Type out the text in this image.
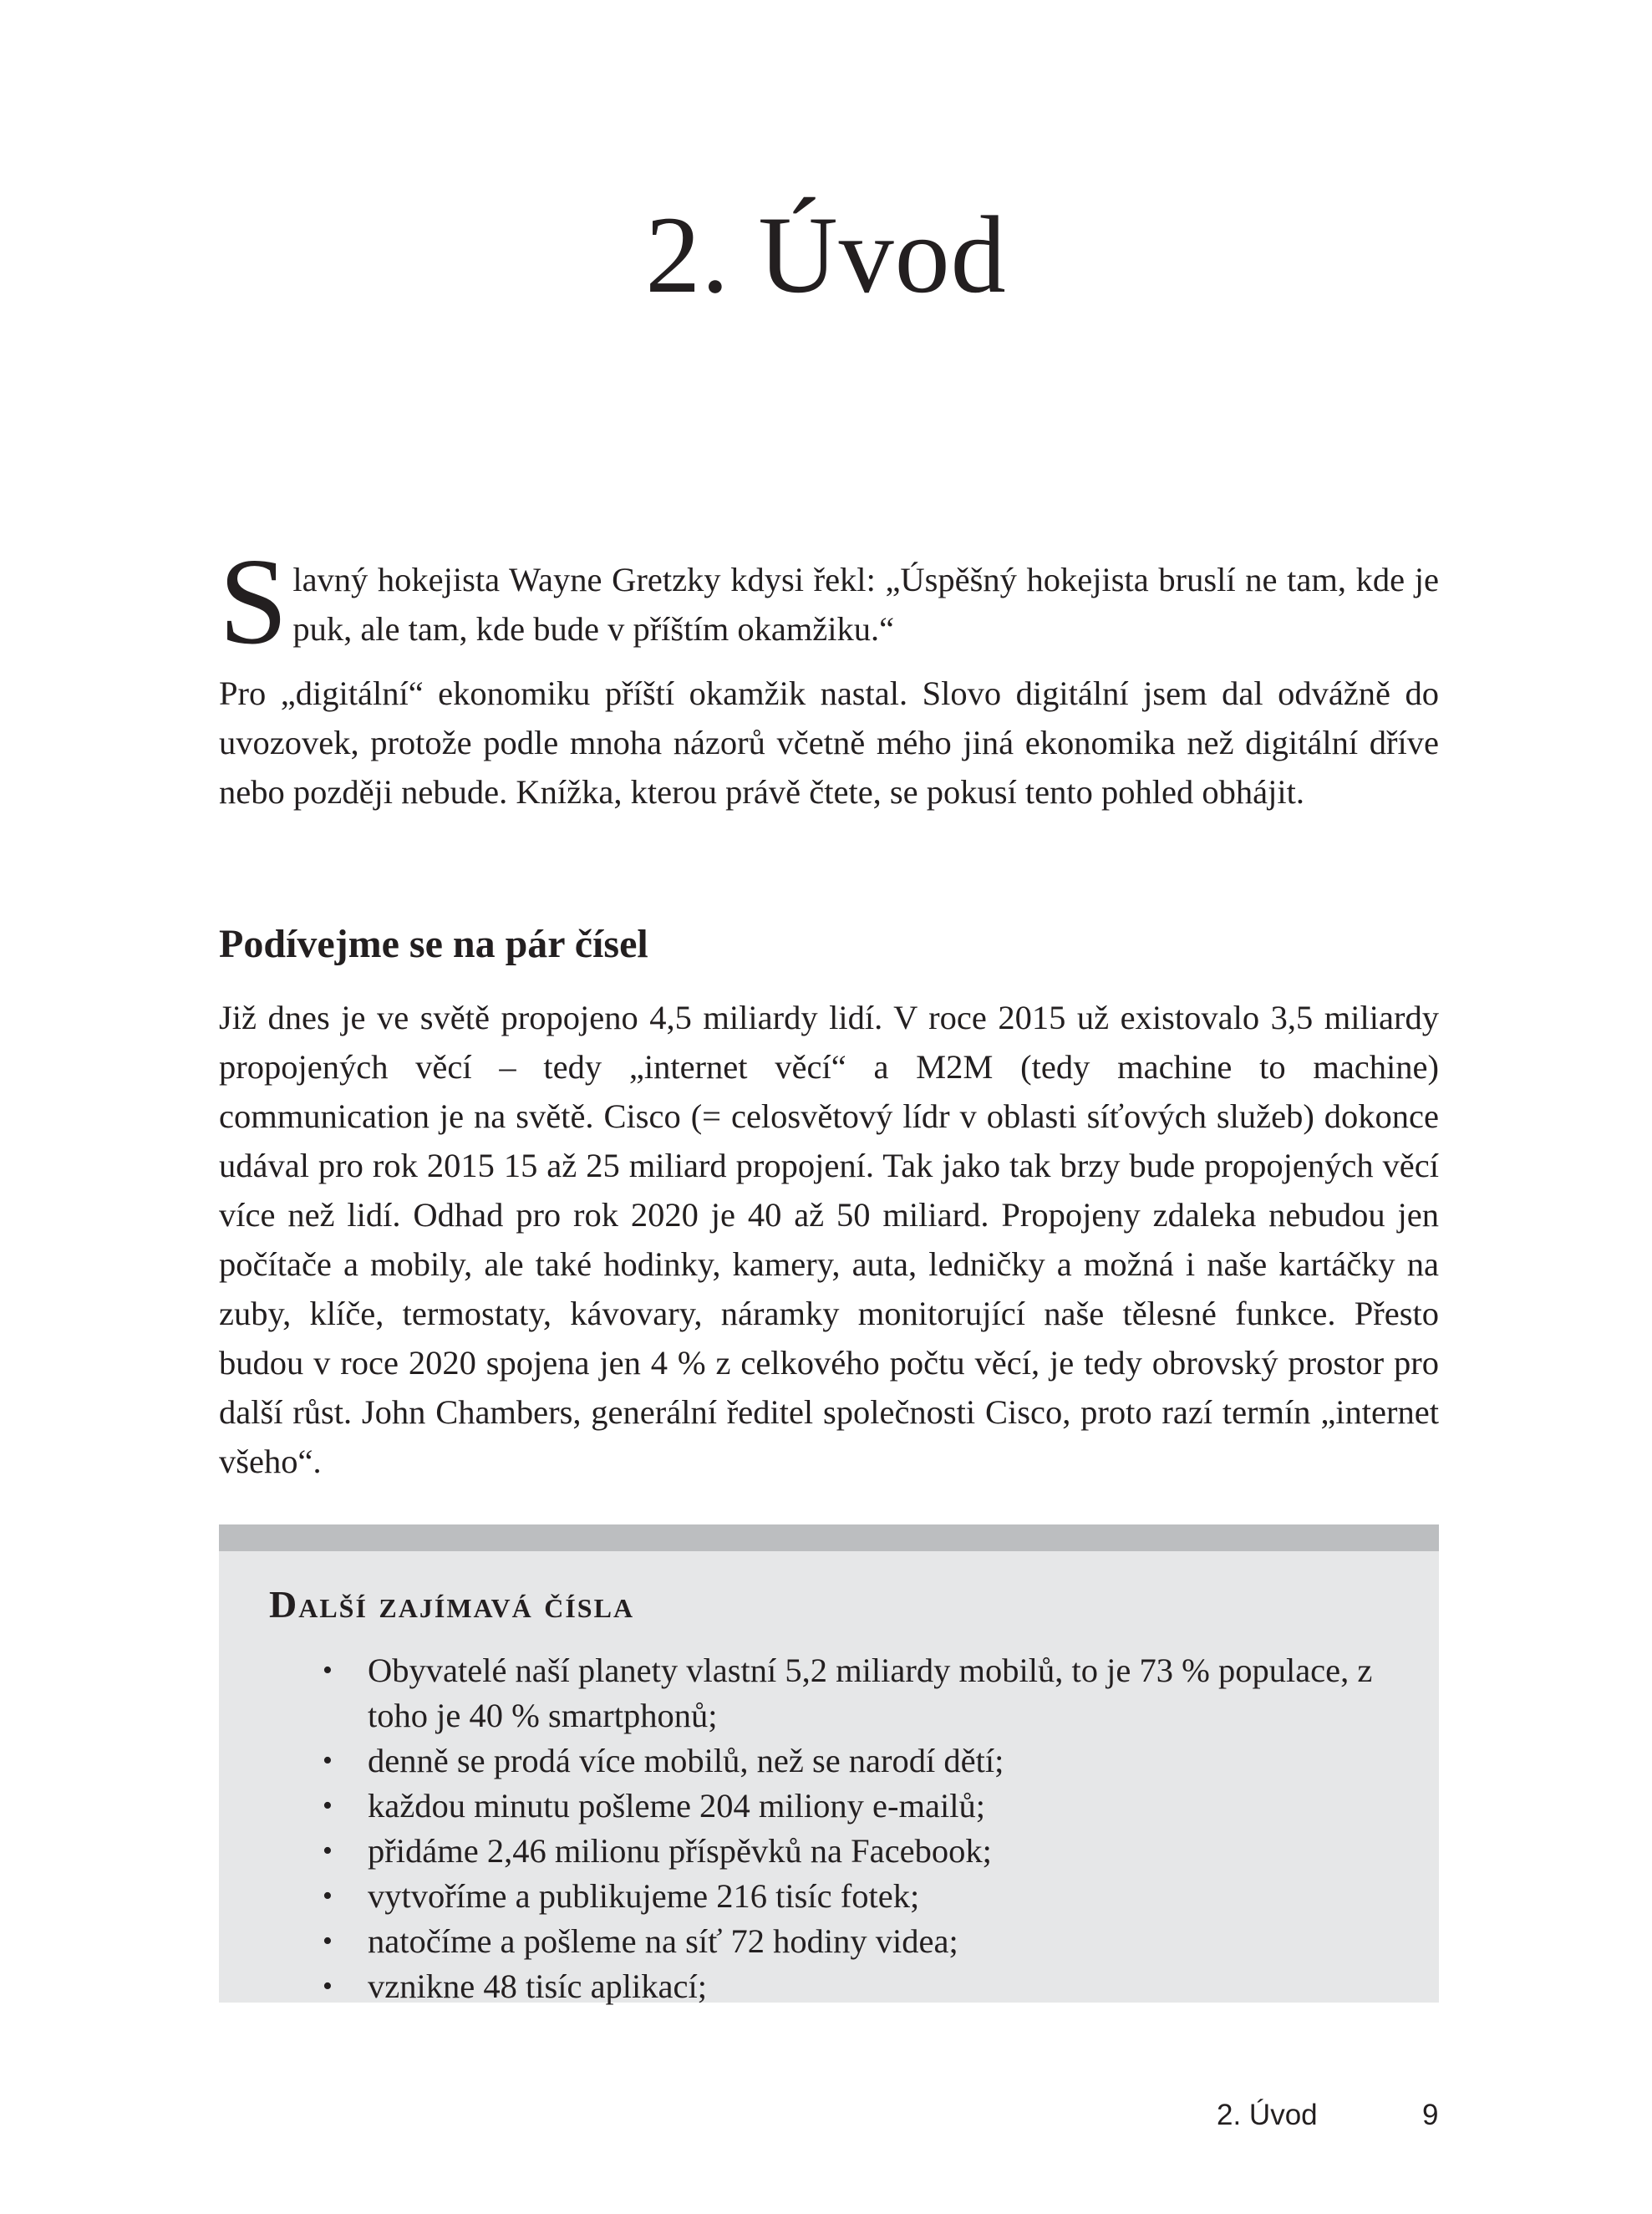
2. Úvod
S lavný hokejista Wayne Gretzky kdysi řekl: „Úspěšný hokejista bruslí ne tam, kde je puk, ale tam, kde bude v příštím okamžiku.“

Pro „digitální“ ekonomiku příští okamžik nastal. Slovo digitální jsem dal odvážně do uvozovek, protože podle mnoha názorů včetně mého jiná ekonomika než digitální dříve nebo později nebude. Knížka, kterou právě čtete, se pokusí tento pohled obhájit.

Podívejme se na pár čísel

Již dnes je ve světě propojeno 4,5 miliardy lidí. V roce 2015 už existovalo 3,5 miliardy propojených věcí – tedy „internet věcí“ a M2M (tedy machine to machine) communication je na světě. Cisco (= celosvětový lídr v oblasti síťových služeb) dokonce udával pro rok 2015 15 až 25 miliard propojení. Tak jako tak brzy bude propojených věcí více než lidí. Odhad pro rok 2020 je 40 až 50 miliard. Propojeny zdaleka nebudou jen počítače a mobily, ale také hodinky, kamery, auta, ledničky a možná i naše kartáčky na zuby, klíče, termostaty, kávovary, náramky monitorující naše tělesné funkce. Přesto budou v roce 2020 spojena jen 4 % z celkového počtu věcí, je tedy obrovský prostor pro další růst. John Chambers, generální ředitel společnosti Cisco, proto razí termín „internet všeho“.

Další zajímavá čísla
• Obyvatelé naší planety vlastní 5,2 miliardy mobilů, to je 73 % populace, z toho je 40 % smartphonů;
• denně se prodá více mobilů, než se narodí dětí;
• každou minutu pošleme 204 miliony e-mailů;
• přidáme 2,46 milionu příspěvků na Facebook;
• vytvoříme a publikujeme 216 tisíc fotek;
• natočíme a pošleme na síť 72 hodiny videa;
• vznikne 48 tisíc aplikací;
2. Úvod	9
